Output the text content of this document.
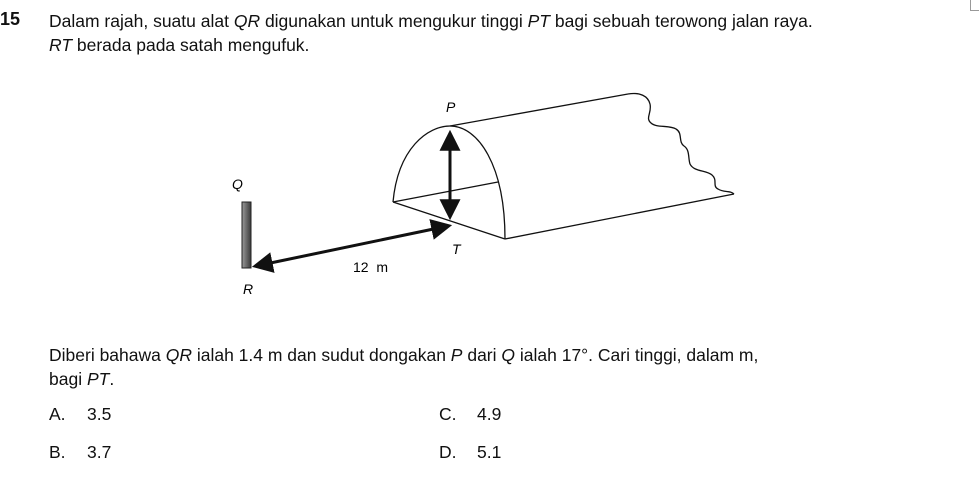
15 Dalam rajah, suatu alat QR digunakan untuk mengukur tinggi PT bagi sebuah terowong jalan raya.
RT berada pada satah mengufuk.
P
Q
R
T
12  m
Diberi bahawa QR ialah 1.4 m dan sudut dongakan P dari Q ialah 17°. Cari tinggi, dalam m,
bagi PT.
A. 3.5
B. 3.7
C. 4.9
D. 5.1
